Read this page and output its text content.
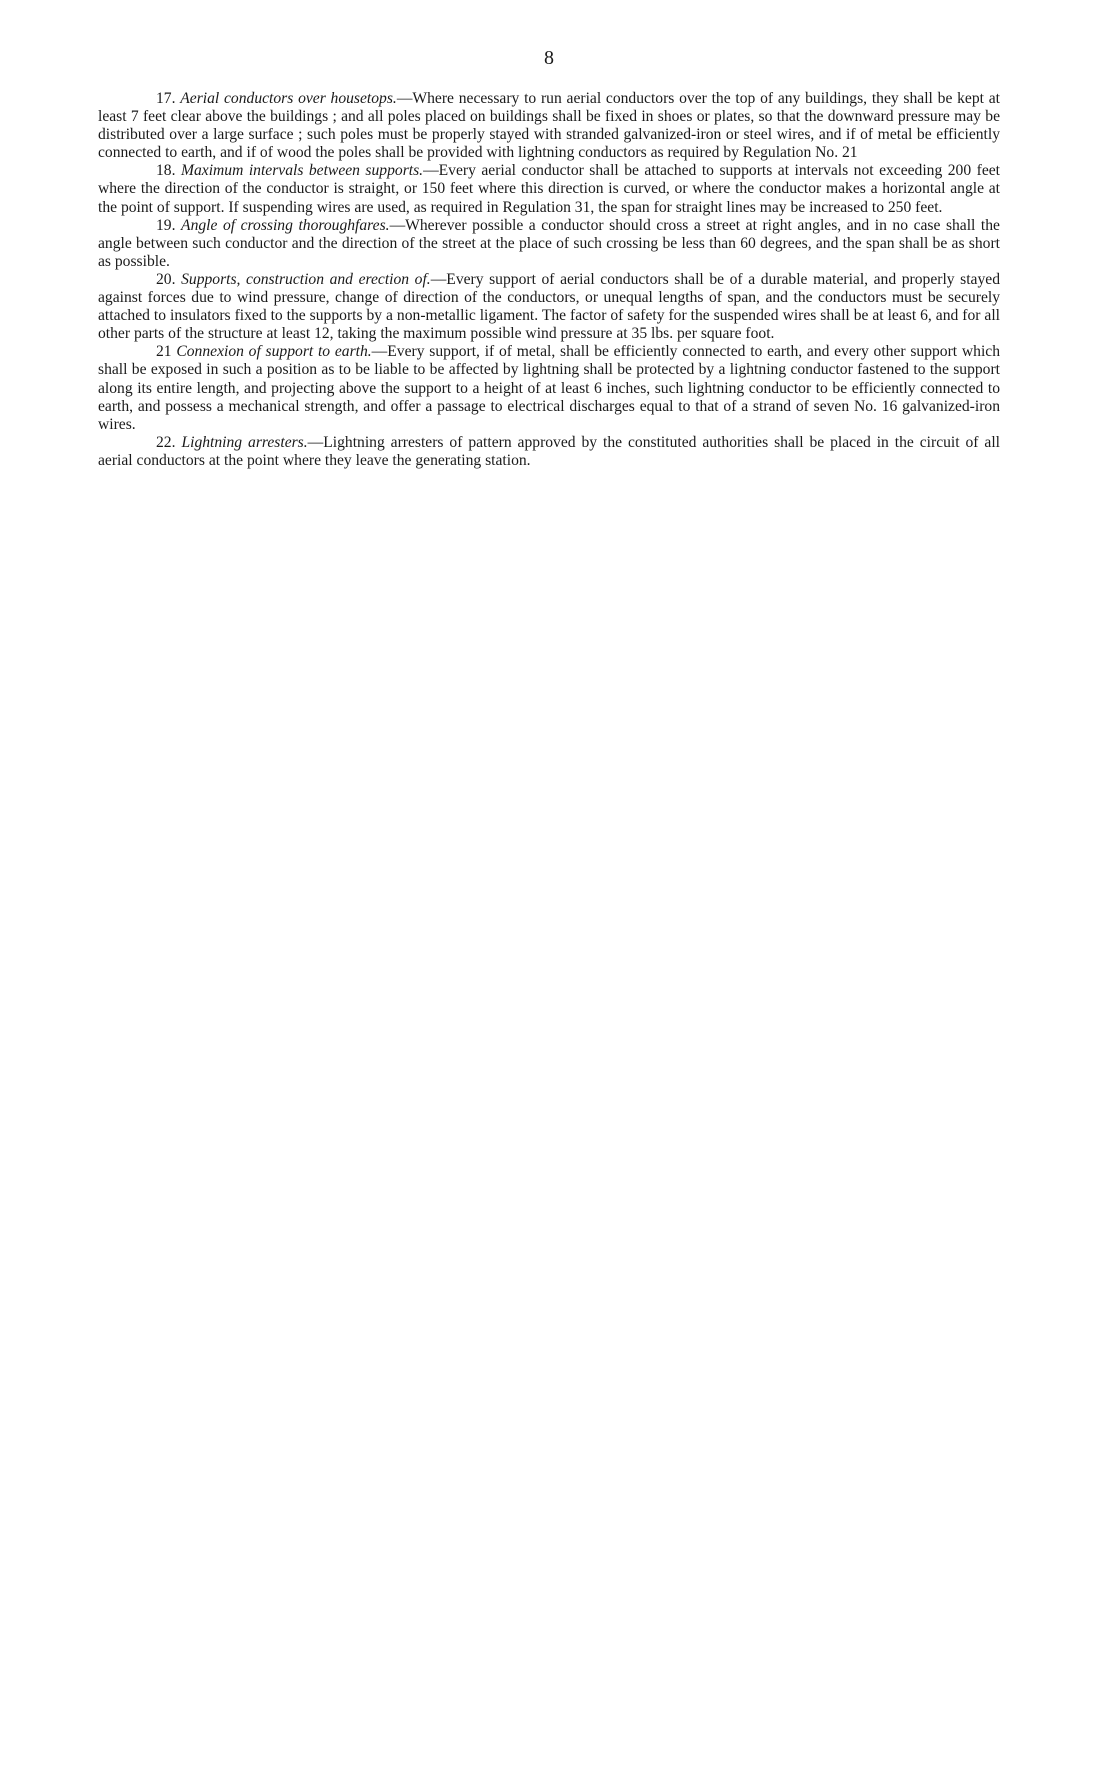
8

17. Aerial conductors over housetops.—Where necessary to run aerial conductors over the top of any buildings, they shall be kept at least 7 feet clear above the buildings ; and all poles placed on buildings shall be fixed in shoes or plates, so that the downward pressure may be distributed over a large surface ; such poles must be properly stayed with stranded galvanized-iron or steel wires, and if of metal be efficiently connected to earth, and if of wood the poles shall be provided with lightning conductors as required by Regulation No. 21

18. Maximum intervals between supports.—Every aerial conductor shall be attached to supports at intervals not exceeding 200 feet where the direction of the conductor is straight, or 150 feet where this direction is curved, or where the conductor makes a horizontal angle at the point of support. If suspending wires are used, as required in Regulation 31, the span for straight lines may be increased to 250 feet.

19. Angle of crossing thoroughfares.—Wherever possible a conductor should cross a street at right angles, and in no case shall the angle between such conductor and the direction of the street at the place of such crossing be less than 60 degrees, and the span shall be as short as possible.

20. Supports, construction and erection of.—Every support of aerial conductors shall be of a durable material, and properly stayed against forces due to wind pressure, change of direction of the conductors, or unequal lengths of span, and the conductors must be securely attached to insulators fixed to the supports by a non-metallic ligament. The factor of safety for the suspended wires shall be at least 6, and for all other parts of the structure at least 12, taking the maximum possible wind pressure at 35 lbs. per square foot.

21 Connexion of support to earth.—Every support, if of metal, shall be efficiently connected to earth, and every other support which shall be exposed in such a position as to be liable to be affected by lightning shall be protected by a lightning conductor fastened to the support along its entire length, and projecting above the support to a height of at least 6 inches, such lightning conductor to be efficiently connected to earth, and possess a mechanical strength, and offer a passage to electrical discharges equal to that of a strand of seven No. 16 galvanized-iron wires.

22. Lightning arresters.—Lightning arresters of pattern approved by the constituted authorities shall be placed in the circuit of all aerial conductors at the point where they leave the generating station.
